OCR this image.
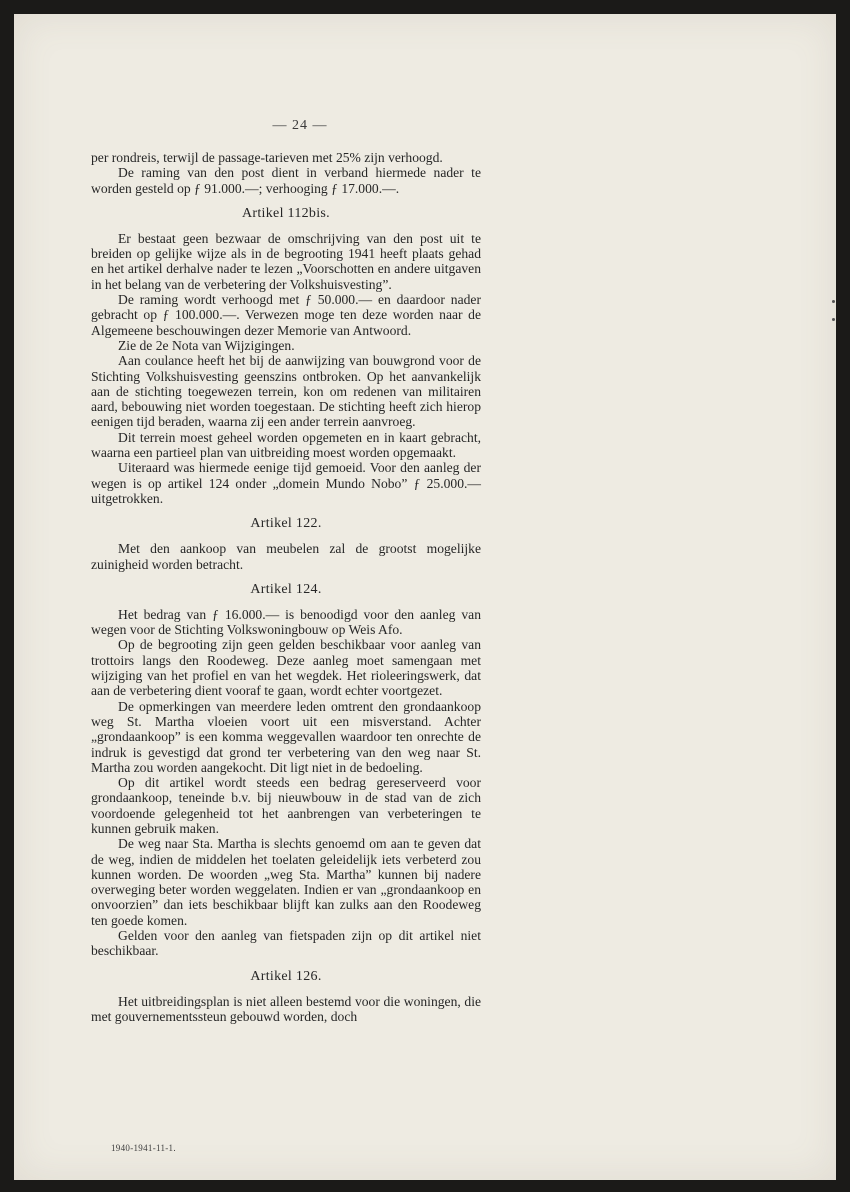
— 24 —

per rondreis, terwijl de passage-tarieven met 25% zijn verhoogd.

De raming van den post dient in verband hiermede nader te worden gesteld op ƒ 91.000.—; verhooging ƒ 17.000.—.

Artikel 112bis.

Er bestaat geen bezwaar de omschrijving van den post uit te breiden op gelijke wijze als in de begrooting 1941 heeft plaats gehad en het artikel derhalve nader te lezen „Voorschotten en andere uitgaven in het belang van de verbetering der Volkshuisvesting”.

De raming wordt verhoogd met ƒ 50.000.— en daardoor nader gebracht op ƒ 100.000.—. Verwezen moge ten deze worden naar de Algemeene beschouwingen dezer Memorie van Antwoord.

Zie de 2e Nota van Wijzigingen.

Aan coulance heeft het bij de aanwijzing van bouwgrond voor de Stichting Volkshuisvesting geenszins ontbroken. Op het aanvankelijk aan de stichting toegewezen terrein, kon om redenen van militairen aard, bebouwing niet worden toegestaan. De stichting heeft zich hierop eenigen tijd beraden, waarna zij een ander terrein aanvroeg.

Dit terrein moest geheel worden opgemeten en in kaart gebracht, waarna een partieel plan van uitbreiding moest worden opgemaakt.

Uiteraard was hiermede eenige tijd gemoeid. Voor den aanleg der wegen is op artikel 124 onder „domein Mundo Nobo” ƒ 25.000.— uitgetrokken.

Artikel 122.

Met den aankoop van meubelen zal de grootst mogelijke zuinigheid worden betracht.

Artikel 124.

Het bedrag van ƒ 16.000.— is benoodigd voor den aanleg van wegen voor de Stichting Volkswoningbouw op Weis Afo.

Op de begrooting zijn geen gelden beschikbaar voor aanleg van trottoirs langs den Roodeweg. Deze aanleg moet samengaan met wijziging van het profiel en van het wegdek. Het rioleeringswerk, dat aan de verbetering dient vooraf te gaan, wordt echter voortgezet.

De opmerkingen van meerdere leden omtrent den grondaankoop weg St. Martha vloeien voort uit een misverstand. Achter „grondaankoop” is een komma weggevallen waardoor ten onrechte de indruk is gevestigd dat grond ter verbetering van den weg naar St. Martha zou worden aangekocht. Dit ligt niet in de bedoeling.

Op dit artikel wordt steeds een bedrag gereserveerd voor grondaankoop, teneinde b.v. bij nieuwbouw in de stad van de zich voordoende gelegenheid tot het aanbrengen van verbeteringen te kunnen gebruik maken.

De weg naar Sta. Martha is slechts genoemd om aan te geven dat de weg, indien de middelen het toelaten geleidelijk iets verbeterd zou kunnen worden. De woorden „weg Sta. Martha” kunnen bij nadere overweging beter worden weggelaten. Indien er van „grondaankoop en onvoorzien” dan iets beschikbaar blijft kan zulks aan den Roodeweg ten goede komen.

Gelden voor den aanleg van fietspaden zijn op dit artikel niet beschikbaar.

Artikel 126.

Het uitbreidingsplan is niet alleen bestemd voor die woningen, die met gouvernementssteun gebouwd worden, doch

1940-1941-11-1.
